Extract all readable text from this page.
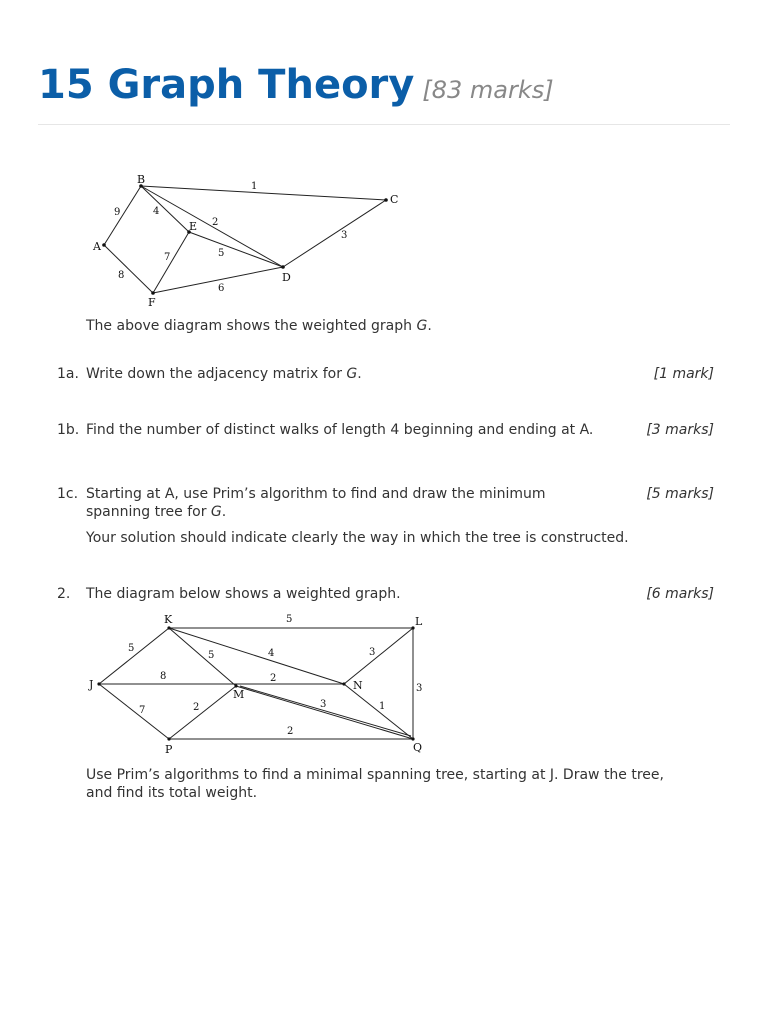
15 Graph Theory [83 marks]
B
C
A
E
D
F
1
9	4
2
3
5
7
8
6
The above diagram shows the weighted graph G.
1a. Write down the adjacency matrix for G.	[1 mark]
1b. Find the number of distinct walks of length 4 beginning and ending at A.	[3 marks]
1c. Starting at A, use Prim’s algorithm to find and draw the minimum
spanning tree for G.
Your solution should indicate clearly the way in which the tree is constructed.
[5 marks]
2. The diagram below shows a weighted graph.	[6 marks]
J
K	L
M
N
P	Q
5
5
5	4	3
3
8	2
7	2	3	1
2
Use Prim’s algorithms to find a minimal spanning tree, starting at J. Draw the tree,
and find its total weight.
